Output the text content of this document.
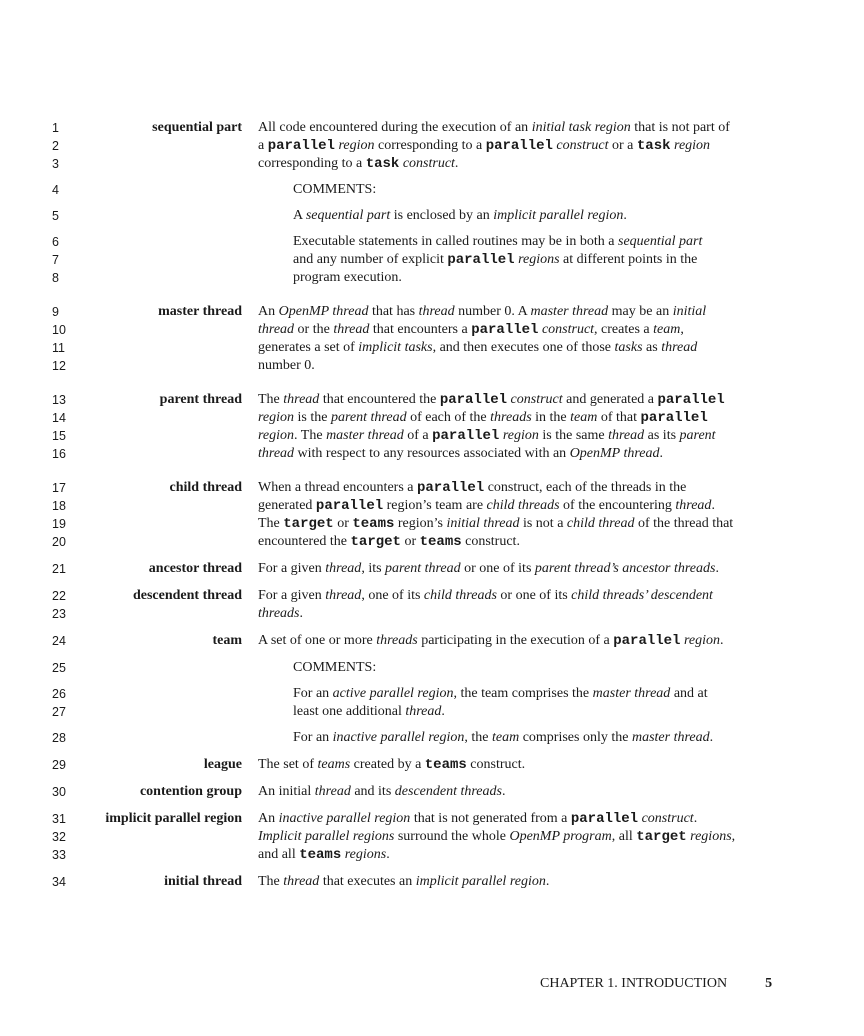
1
2
3
4
5
6
7
8
9
10
11
12
13
14
15
16
17
18
19
20
21
22
23
24
25
26
27
28
29
30
31
32
33
34
sequential part
master thread
parent thread
child thread
ancestor thread
descendent thread
team
league
contention group
implicit parallel region
initial thread
All code encountered during the execution of an initial task region that is not part of
a parallel region corresponding to a parallel construct or a task region
corresponding to a task construct.
COMMENTS:
A sequential part is enclosed by an implicit parallel region.
Executable statements in called routines may be in both a sequential part
and any number of explicit parallel regions at different points in the
program execution.
An OpenMP thread that has thread number 0. A master thread may be an initial
thread or the thread that encounters a parallel construct, creates a team,
generates a set of implicit tasks, and then executes one of those tasks as thread
number 0.
The thread that encountered the parallel construct and generated a parallel
region is the parent thread of each of the threads in the team of that parallel
region. The master thread of a parallel region is the same thread as its parent
thread with respect to any resources associated with an OpenMP thread.
When a thread encounters a parallel construct, each of the threads in the
generated parallel region’s team are child threads of the encountering thread.
The target or teams region’s initial thread is not a child thread of the thread that
encountered the target or teams construct.
For a given thread, its parent thread or one of its parent thread’s ancestor threads.
For a given thread, one of its child threads or one of its child threads’ descendent
threads.
A set of one or more threads participating in the execution of a parallel region.
COMMENTS:
For an active parallel region, the team comprises the master thread and at
least one additional thread.
For an inactive parallel region, the team comprises only the master thread.
The set of teams created by a teams construct.
An initial thread and its descendent threads.
An inactive parallel region that is not generated from a parallel construct.
Implicit parallel regions surround the whole OpenMP program, all target regions,
and all teams regions.
The thread that executes an implicit parallel region.
CHAPTER 1. INTRODUCTION	5
